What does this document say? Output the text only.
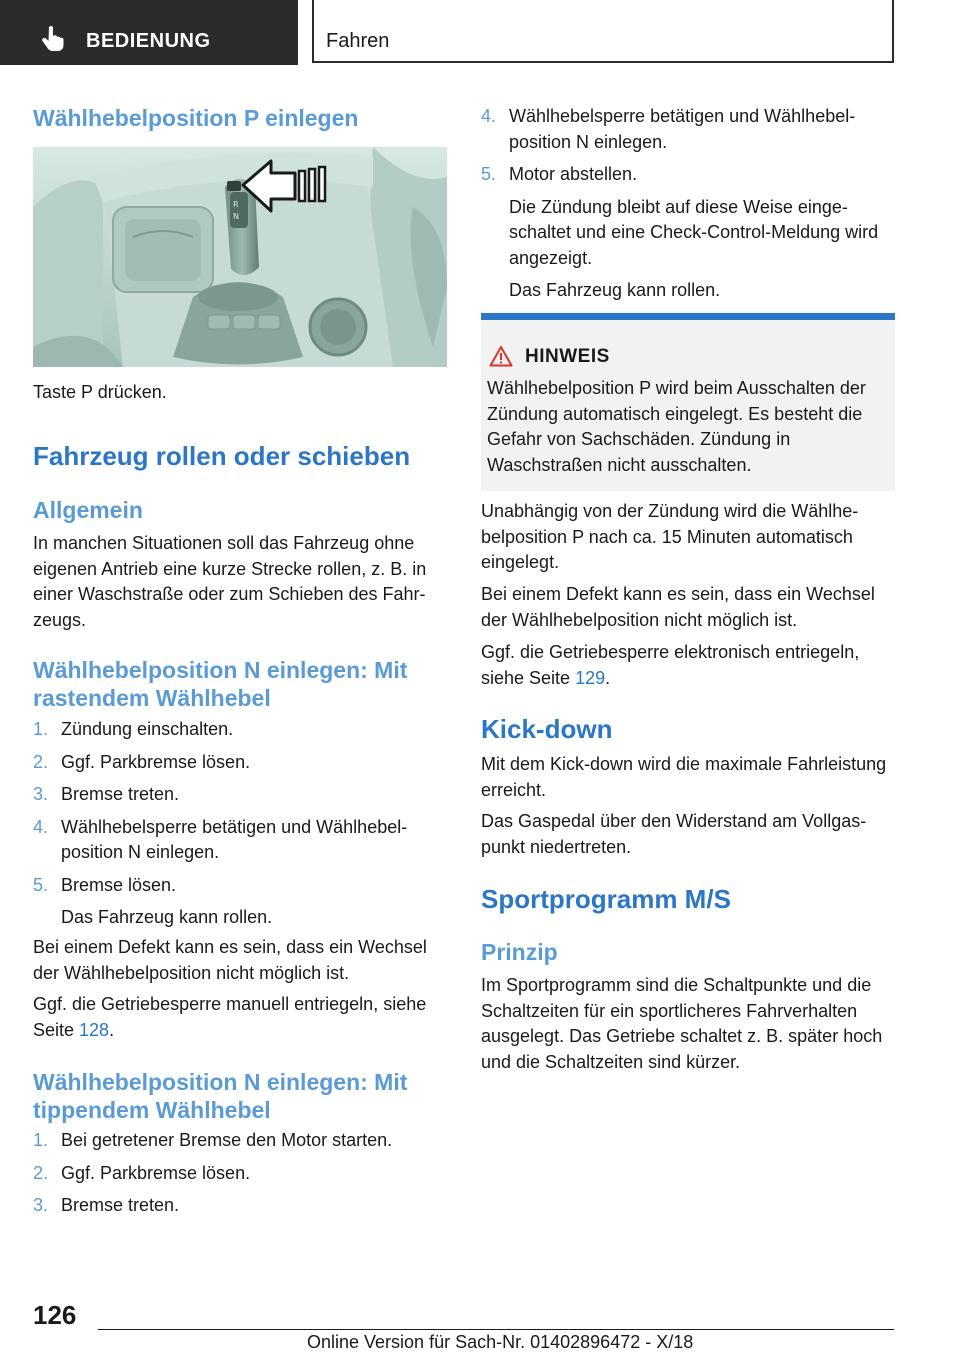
BEDIENUNG	Fahren
Wählhebelposition P einlegen
R
N

Taste P drücken.

Fahrzeug rollen oder schieben
Allgemein

In manchen Situationen soll das Fahrzeug ohne eigenen Antrieb eine kurze Strecke rollen, z. B. in einer Waschstraße oder zum Schieben des Fahrzeugs.

Wählhebelposition N einlegen: Mit rastendem Wählhebel
1. Zündung einschalten.
2. Ggf. Parkbremse lösen.
3. Bremse treten.
4. Wählhebelsperre betätigen und Wählhebelposition N einlegen.
5. Bremse lösen.
Das Fahrzeug kann rollen.

Bei einem Defekt kann es sein, dass ein Wechsel der Wählhebelposition nicht möglich ist.

Ggf. die Getriebesperre manuell entriegeln, siehe Seite 128.

Wählhebelposition N einlegen: Mit tippendem Wählhebel
1. Bei getretener Bremse den Motor starten.
2. Ggf. Parkbremse lösen.
3. Bremse treten.
4. Wählhebelsperre betätigen und Wählhebelposition N einlegen.
5. Motor abstellen.
Die Zündung bleibt auf diese Weise eingeschaltet und eine Check-Control-Meldung wird angezeigt.
Das Fahrzeug kann rollen.
HINWEIS
Wählhebelposition P wird beim Ausschalten der Zündung automatisch eingelegt. Es besteht die Gefahr von Sachschäden. Zündung in Waschstraßen nicht ausschalten.

Unabhängig von der Zündung wird die Wählhebelposition P nach ca. 15 Minuten automatisch eingelegt.

Bei einem Defekt kann es sein, dass ein Wechsel der Wählhebelposition nicht möglich ist.

Ggf. die Getriebesperre elektronisch entriegeln, siehe Seite 129.

Kick-down

Mit dem Kick-down wird die maximale Fahrleistung erreicht.

Das Gaspedal über den Widerstand am Vollgaspunkt niedertreten.

Sportprogramm M/S
Prinzip

Im Sportprogramm sind die Schaltpunkte und die Schaltzeiten für ein sportlicheres Fahrverhalten ausgelegt. Das Getriebe schaltet z. B. später hoch und die Schaltzeiten sind kürzer.

126
Online Version für Sach-Nr. 01402896472 - X/18
